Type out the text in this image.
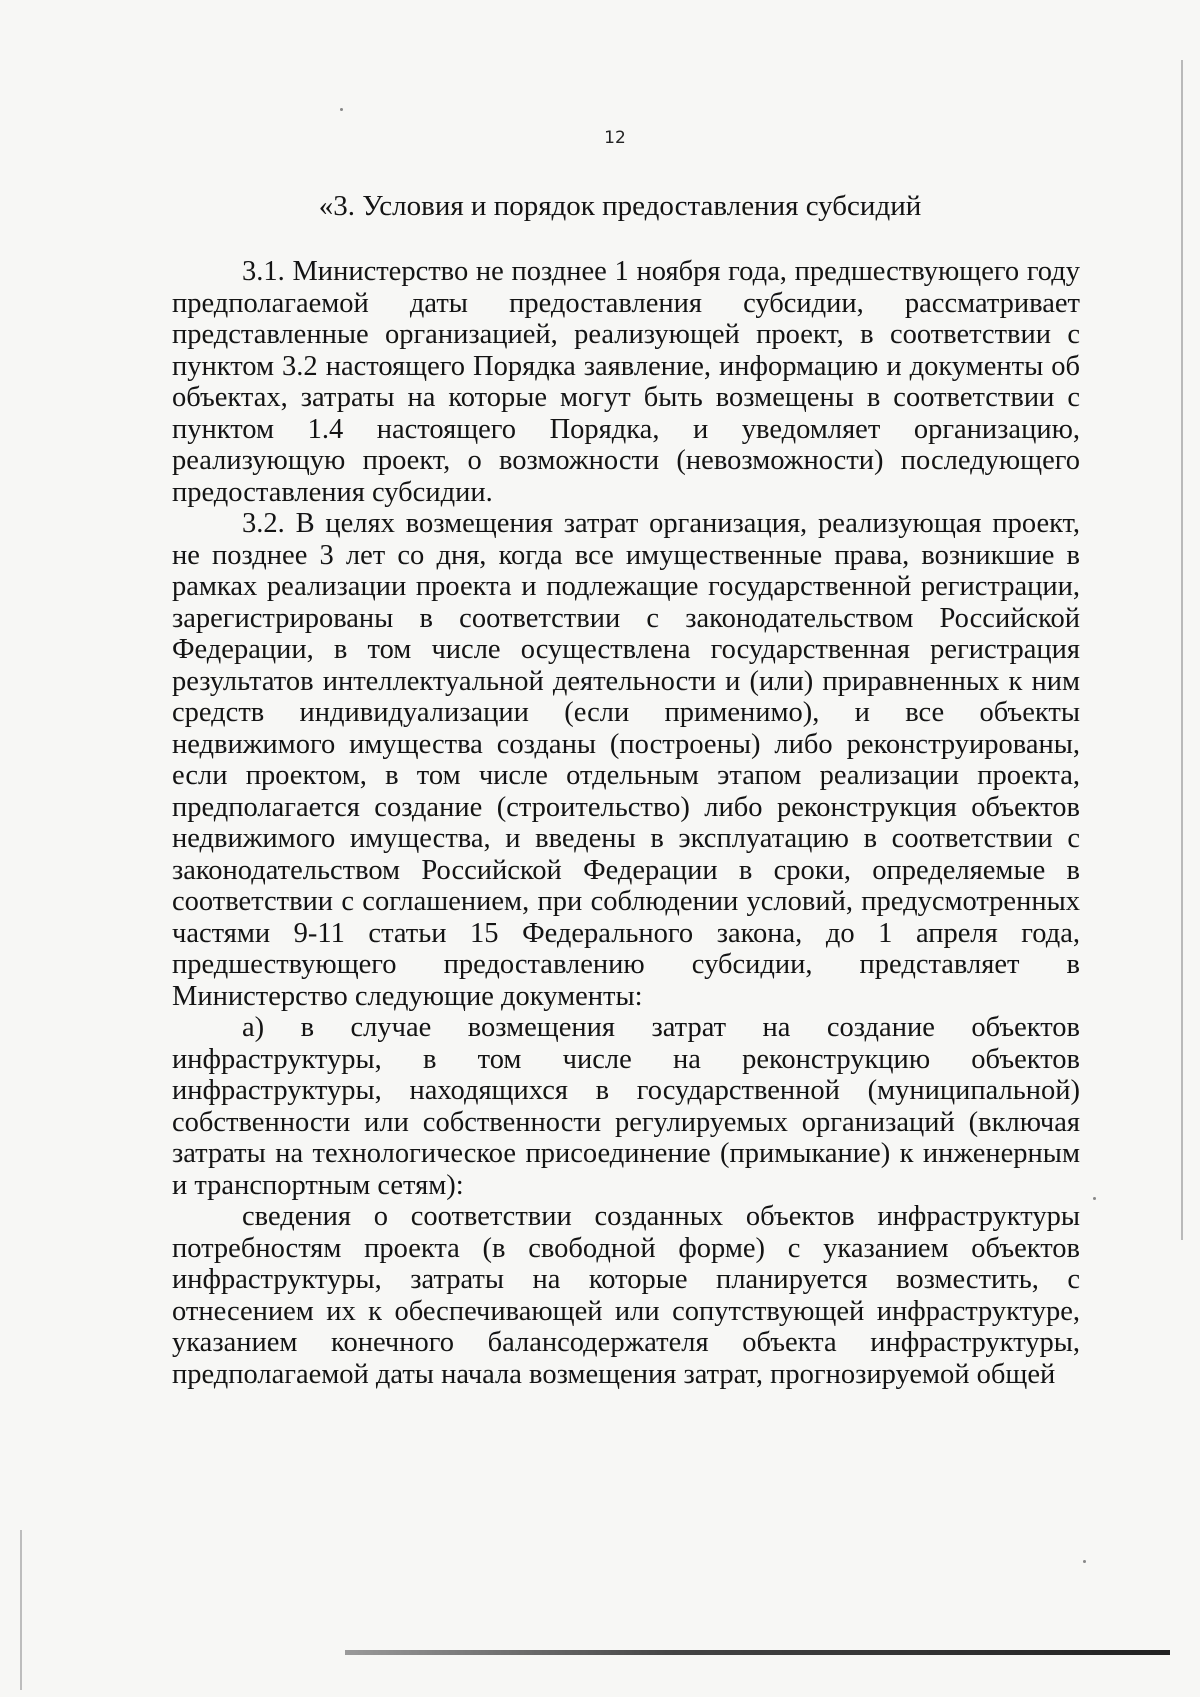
12
«3. Условия и порядок предоставления субсидий

3.1. Министерство не позднее 1 ноября года, предшествующего году предполагаемой даты предоставления субсидии, рассматривает представленные организацией, реализующей проект, в соответствии с пунктом 3.2 настоящего Порядка заявление, информацию и документы об объектах, затраты на которые могут быть возмещены в соответствии с пунктом 1.4 настоящего Порядка, и уведомляет организацию, реализующую проект, о возможности (невозможности) последующего предоставления субсидии.

3.2. В целях возмещения затрат организация, реализующая проект, не позднее 3 лет со дня, когда все имущественные права, возникшие в рамках реализации проекта и подлежащие государственной регистрации, зарегистрированы в соответствии с законодательством Российской Федерации, в том числе осуществлена государственная регистрация результатов интеллектуальной деятельности и (или) приравненных к ним средств индивидуализации (если применимо), и все объекты недвижимого имущества созданы (построены) либо реконструированы, если проектом, в том числе отдельным этапом реализации проекта, предполагается создание (строительство) либо реконструкция объектов недвижимого имущества, и введены в эксплуатацию в соответствии с законодательством Российской Федерации в сроки, определяемые в соответствии с соглашением, при соблюдении условий, предусмотренных частями 9-11 статьи 15 Федерального закона, до 1 апреля года, предшествующего предоставлению субсидии, представляет в Министерство следующие документы:

а) в случае возмещения затрат на создание объектов инфраструктуры, в том числе на реконструкцию объектов инфраструктуры, находящихся в государственной (муниципальной) собственности или собственности регулируемых организаций (включая затраты на технологическое присоединение (примыкание) к инженерным и транспортным сетям):

сведения о соответствии созданных объектов инфраструктуры потребностям проекта (в свободной форме) с указанием объектов инфраструктуры, затраты на которые планируется возместить, с отнесением их к обеспечивающей или сопутствующей инфраструктуре, указанием конечного балансодержателя объекта инфраструктуры, предполагаемой даты начала возмещения затрат, прогнозируемой общей
